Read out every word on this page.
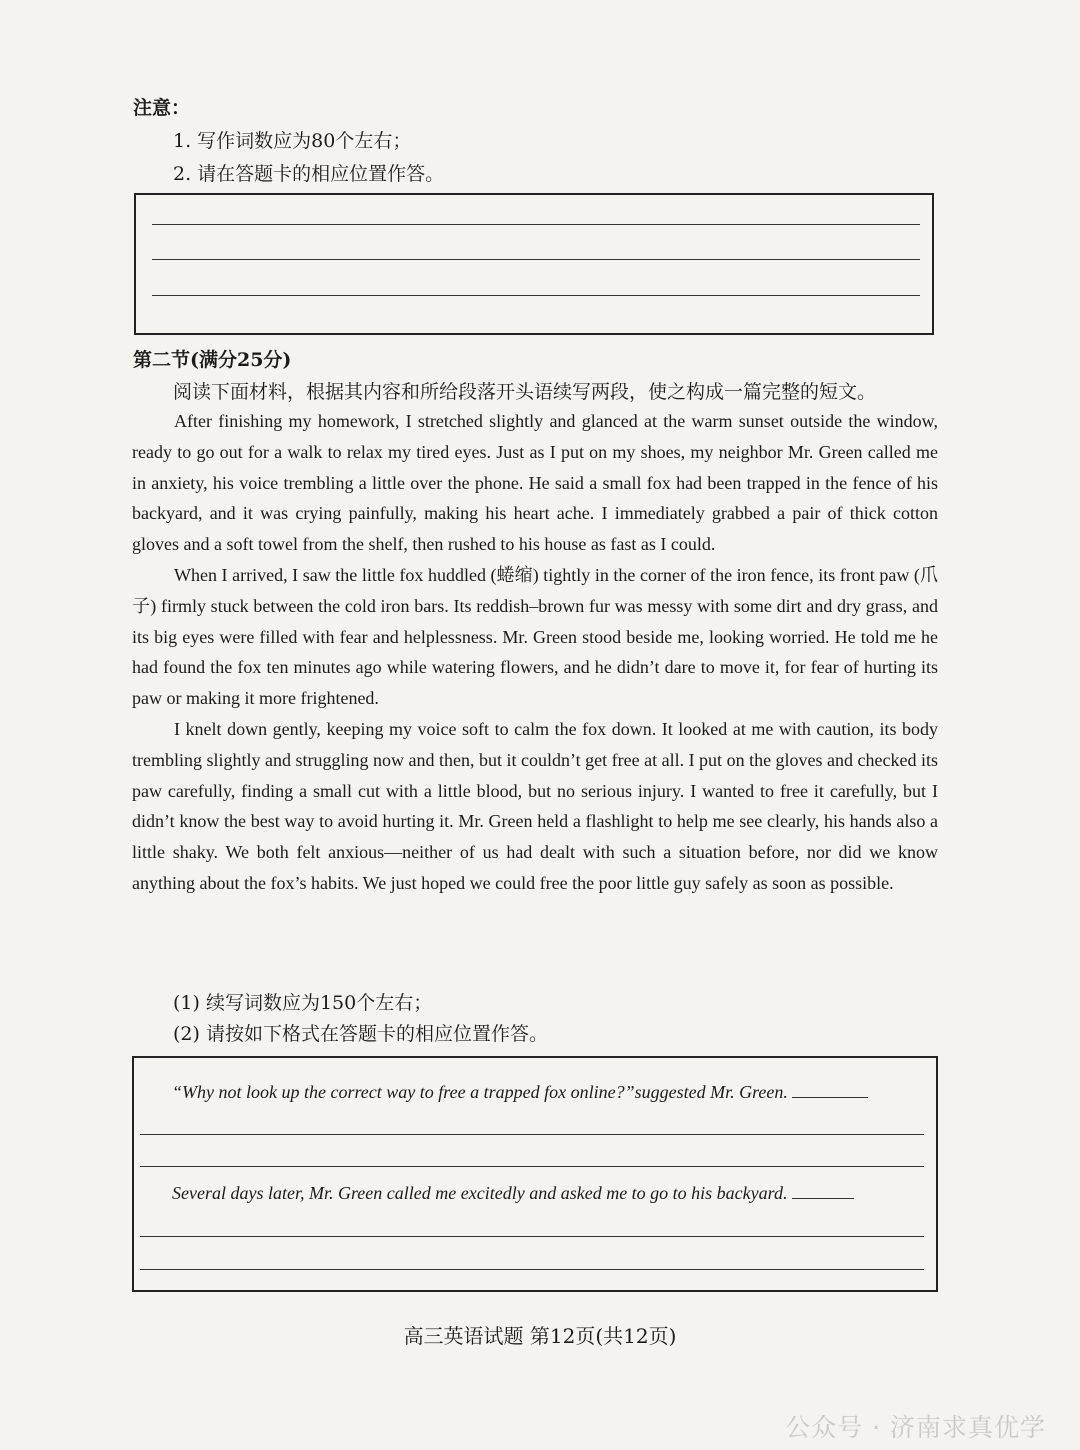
注意：
1. 写作词数应为80个左右；
2. 请在答题卡的相应位置作答。
第二节(满分25分)
阅读下面材料，根据其内容和所给段落开头语续写两段，使之构成一篇完整的短文。

After finishing my homework, I stretched slightly and glanced at the warm sunset outside the window, ready to go out for a walk to relax my tired eyes. Just as I put on my shoes, my neighbor Mr. Green called me in anxiety, his voice trembling a little over the phone. He said a small fox had been trapped in the fence of his backyard, and it was crying painfully, making his heart ache. I immediately grabbed a pair of thick cotton gloves and a soft towel from the shelf, then rushed to his house as fast as I could.

When I arrived, I saw the little fox huddled (蜷缩) tightly in the corner of the iron fence, its front paw (爪子) firmly stuck between the cold iron bars. Its reddish–brown fur was messy with some dirt and dry grass, and its big eyes were filled with fear and helplessness. Mr. Green stood beside me, looking worried. He told me he had found the fox ten minutes ago while watering flowers, and he didn’t dare to move it, for fear of hurting its paw or making it more frightened.

I knelt down gently, keeping my voice soft to calm the fox down. It looked at me with caution, its body trembling slightly and struggling now and then, but it couldn’t get free at all. I put on the gloves and checked its paw carefully, finding a small cut with a little blood, but no serious injury. I wanted to free it carefully, but I didn’t know the best way to avoid hurting it. Mr. Green held a flashlight to help me see clearly, his hands also a little shaky. We both felt anxious—neither of us had dealt with such a situation before, nor did we know anything about the fox’s habits. We just hoped we could free the poor little guy safely as soon as possible.

(1) 续写词数应为150个左右；
(2) 请按如下格式在答题卡的相应位置作答。
“Why not look up the correct way to free a trapped fox online?”suggested Mr. Green.
Several days later, Mr. Green called me excitedly and asked me to go to his backyard.
高三英语试题 第12页(共12页)
公众号 · 济南求真优学
